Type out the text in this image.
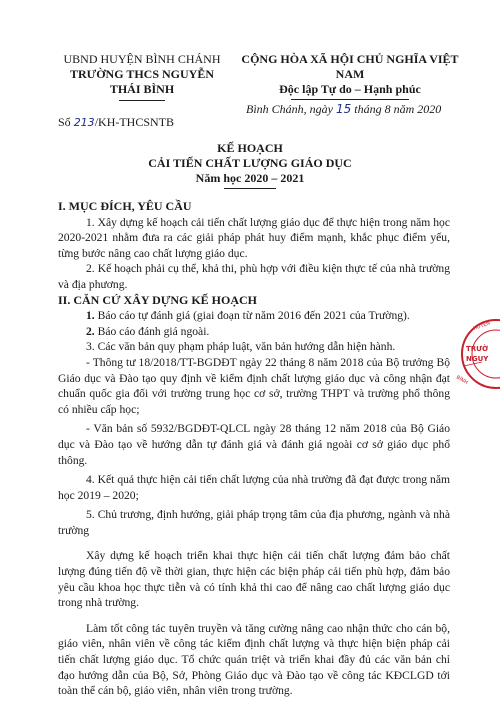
UBND HUYỆN BÌNH CHÁNH
TRƯỜNG THCS NGUYỄN
THÁI BÌNH
CỘNG HÒA XÃ HỘI CHỦ NGHĨA VIỆT NAM
Độc lập Tự do – Hạnh phúc
Bình Chánh, ngày 15 tháng 8 năm 2020
Số 213/KH-THCSNTB
KẾ HOẠCH
CẢI TIẾN CHẤT LƯỢNG GIÁO DỤC
Năm học 2020 – 2021

I. MỤC ĐÍCH, YÊU CẦU

1. Xây dựng kế hoạch cải tiến chất lượng giáo dục để thực hiện trong năm học 2020-2021 nhằm đưa ra các giải pháp phát huy điểm mạnh, khắc phục điểm yếu, từng bước nâng cao chất lượng giáo dục.

2. Kế hoạch phải cụ thể, khả thi, phù hợp với điều kiện thực tế của nhà trường và địa phương.

II. CĂN CỨ XÂY DỰNG KẾ HOẠCH

1. Báo cáo tự đánh giá (giai đoạn từ năm 2016 đến 2021 của Trường).

2. Báo cáo đánh giá ngoài.

3. Các văn bản quy phạm pháp luật, văn bản hướng dẫn hiện hành.

- Thông tư 18/2018/TT-BGDĐT ngày 22 tháng 8 năm 2018 của Bộ trưởng Bộ Giáo dục và Đào tạo quy định về kiểm định chất lượng giáo dục và công nhận đạt chuẩn quốc gia đối với trường trung học cơ sở, trường THPT và trường phổ thông có nhiều cấp học;

- Văn bản số 5932/BGDĐT-QLCL ngày 28 tháng 12 năm 2018 của Bộ Giáo dục và Đào tạo về hướng dẫn tự đánh giá và đánh giá ngoài cơ sở giáo dục phổ thông.

4. Kết quả thực hiện cải tiến chất lượng của nhà trường đã đạt được trong năm học 2019 – 2020;

5. Chủ trương, định hướng, giải pháp trọng tâm của địa phương, ngành và nhà trường

Xây dựng kế hoạch triển khai thực hiện cải tiến chất lượng đảm bảo chất lượng đúng tiến độ về thời gian, thực hiện các biện pháp cải tiến phù hợp, đảm bảo yêu cầu khoa học thực tiễn và có tính khả thi cao để nâng cao chất lượng giáo dục trong nhà trường.

Làm tốt công tác tuyên truyền và tăng cường nâng cao nhận thức cho cán bộ, giáo viên, nhân viên về công tác kiểm định chất lượng và thực hiện biện pháp cải tiến chất lượng giáo dục. Tổ chức quán triệt và triển khai đầy đủ các văn bản chỉ đạo hướng dẫn của Bộ, Sở, Phòng Giáo dục và Đào tạo về công tác KĐCLGD tới toàn thể cán bộ, giáo viên, nhân viên trong trường.

TRƯỜ
NGUY
HUYỆN
BÌNH
